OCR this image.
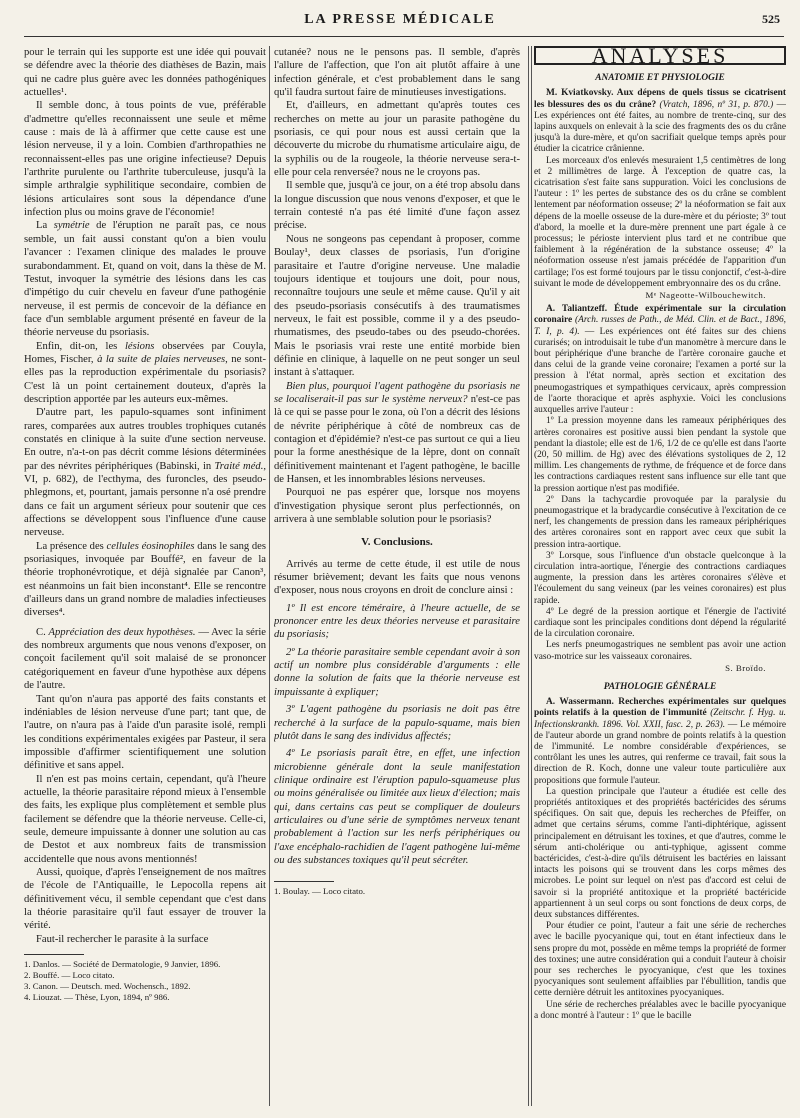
LA PRESSE MÉDICALE	525

pour le terrain qui les supporte est une idée qui pouvait se défendre avec la théorie des diathèses de Bazin, mais qui ne cadre plus guère avec les données pathogéniques actuelles¹.

Il semble donc, à tous points de vue, préférable d'admettre qu'elles reconnaissent une seule et même cause : mais de là à affirmer que cette cause est une lésion nerveuse, il y a loin. Combien d'arthropathies ne reconnaissent-elles pas une origine infectieuse? Depuis l'arthrite purulente ou l'arthrite tuberculeuse, jusqu'à la simple arthralgie syphilitique secondaire, combien de lésions articulaires sont sous la dépendance d'une infection plus ou moins grave de l'économie!

La symétrie de l'éruption ne paraît pas, ce nous semble, un fait aussi constant qu'on a bien voulu l'avancer : l'examen clinique des malades le prouve surabondamment. Et, quand on voit, dans la thèse de M. Testut, invoquer la symétrie des lésions dans les cas d'impétigo du cuir chevelu en faveur d'une pathogénie nerveuse, il est permis de concevoir de la défiance en face d'un semblable argument présenté en faveur de la théorie nerveuse du psoriasis.

Enfin, dit-on, les lésions observées par Couyla, Homes, Fischer, à la suite de plaies nerveuses, ne sont-elles pas la reproduction expérimentale du psoriasis? C'est là un point certainement douteux, d'après la description apportée par les auteurs eux-mêmes.

D'autre part, les papulo-squames sont infiniment rares, comparées aux autres troubles trophiques cutanés constatés en clinique à la suite d'une section nerveuse. En outre, n'a-t-on pas décrit comme lésions déterminées par des névrites périphériques (Babinski, in Traité méd., VI, p. 682), de l'ecthyma, des furoncles, des pseudo-phlegmons, et, pourtant, jamais personne n'a osé prendre dans ce fait un argument sérieux pour soutenir que ces affections se développent sous l'influence d'une cause nerveuse.

La présence des cellules éosinophiles dans le sang des psoriasiques, invoquée par Bouffé², en faveur de la théorie trophonévrotique, et déjà signalée par Canon³, est néanmoins un fait bien inconstant⁴. Elle se rencontre d'ailleurs dans un grand nombre de maladies infectieuses diverses⁴.

C. Appréciation des deux hypothèses. — Avec la série des nombreux arguments que nous venons d'exposer, on conçoit facilement qu'il soit malaisé de se prononcer catégoriquement en faveur d'une hypothèse aux dépens de l'autre.

Tant qu'on n'aura pas apporté des faits constants et indéniables de lésion nerveuse d'une part; tant que, de l'autre, on n'aura pas à l'aide d'un parasite isolé, rempli les conditions expérimentales exigées par Pasteur, il sera impossible d'affirmer scientifiquement une solution définitive et sans appel.

Il n'en est pas moins certain, cependant, qu'à l'heure actuelle, la théorie parasitaire répond mieux à l'ensemble des faits, les explique plus complètement et semble plus facilement se défendre que la théorie nerveuse. Celle-ci, seule, demeure impuissante à donner une solution au cas de Destot et aux nombreux faits de transmission accidentelle que nous avons mentionnés!

Aussi, quoique, d'après l'enseignement de nos maîtres de l'école de l'Antiquaille, le Lepocolla repens ait définitivement vécu, il semble cependant que c'est dans la théorie parasitaire qu'il faut essayer de trouver la vérité.

Faut-il rechercher le parasite à la surface

1. Danlos. — Société de Dermatologie, 9 Janvier, 1896.

2. Bouffé. — Loco citato.

3. Canon. — Deutsch. med. Wochensch., 1892.

4. Liouzat. — Thèse, Lyon, 1894, nº 986.

cutanée? nous ne le pensons pas. Il semble, d'après l'allure de l'affection, que l'on ait plutôt affaire à une infection générale, et c'est probablement dans le sang qu'il faudra surtout faire de minutieuses investigations.

Et, d'ailleurs, en admettant qu'après toutes ces recherches on mette au jour un parasite pathogène du psoriasis, ce qui pour nous est aussi certain que la découverte du microbe du rhumatisme articulaire aigu, de la syphilis ou de la rougeole, la théorie nerveuse sera-t-elle pour cela renversée? nous ne le croyons pas.

Il semble que, jusqu'à ce jour, on a été trop absolu dans la longue discussion que nous venons d'exposer, et que le terrain contesté n'a pas été limité d'une façon assez précise.

Nous ne songeons pas cependant à proposer, comme Boulay¹, deux classes de psoriasis, l'un d'origine parasitaire et l'autre d'origine nerveuse. Une maladie toujours identique et toujours une doit, pour nous, reconnaître toujours une seule et même cause. Qu'il y ait des pseudo-psoriasis consécutifs à des traumatismes nerveux, le fait est possible, comme il y a des pseudo-rhumatismes, des pseudo-tabes ou des pseudo-chorées. Mais le psoriasis vrai reste une entité morbide bien définie en clinique, à laquelle on ne peut songer un seul instant à s'attaquer.

Bien plus, pourquoi l'agent pathogène du psoriasis ne se localiserait-il pas sur le système nerveux? n'est-ce pas là ce qui se passe pour le zona, où l'on a décrit des lésions de névrite périphérique à côté de nombreux cas de contagion et d'épidémie? n'est-ce pas surtout ce qui a lieu pour la forme anesthésique de la lèpre, dont on connaît définitivement maintenant et l'agent pathogène, le bacille de Hansen, et les innombrables lésions nerveuses.

Pourquoi ne pas espérer que, lorsque nos moyens d'investigation physique seront plus perfectionnés, on arrivera à une semblable solution pour le psoriasis?

V. Conclusions.

Arrivés au terme de cette étude, il est utile de nous résumer brièvement; devant les faits que nous venons d'exposer, nous nous croyons en droit de conclure ainsi :

1º Il est encore téméraire, à l'heure actuelle, de se prononcer entre les deux théories nerveuse et parasitaire du psoriasis;

2º La théorie parasitaire semble cependant avoir à son actif un nombre plus considérable d'arguments : elle donne la solution de faits que la théorie nerveuse est impuissante à expliquer;

3º L'agent pathogène du psoriasis ne doit pas être recherché à la surface de la papulo-squame, mais bien plutôt dans le sang des individus affectés;

4º Le psoriasis paraît être, en effet, une infection microbienne générale dont la seule manifestation clinique ordinaire est l'éruption papulo-squameuse plus ou moins généralisée ou limitée aux lieux d'élection; mais qui, dans certains cas peut se compliquer de douleurs articulaires ou d'une série de symptômes nerveux tenant probablement à l'action sur les nerfs périphériques ou l'axe encéphalo-rachidien de l'agent pathogène lui-même ou des substances toxiques qu'il peut sécréter.

1. Boulay. — Loco citato.

ANALYSES
ANATOMIE ET PHYSIOLOGIE

M. Kviatkovsky. Aux dépens de quels tissus se cicatrisent les blessures des os du crâne? (Vratch, 1896, nº 31, p. 870.) — Les expériences ont été faites, au nombre de trente-cinq, sur des lapins auxquels on enlevait à la scie des fragments des os du crâne jusqu'à la dure-mère, et qu'on sacrifiait quelque temps après pour étudier la cicatrice crânienne.

Les morceaux d'os enlevés mesuraient 1,5 centimètres de long et 2 millimètres de large. À l'exception de quatre cas, la cicatrisation s'est faite sans suppuration. Voici les conclusions de l'auteur : 1º les pertes de substance des os du crâne se comblent lentement par néoformation osseuse; 2º la néoformation se fait aux dépens de la moelle osseuse de la dure-mère et du périoste; 3º tout d'abord, la moelle et la dure-mère prennent une part égale à ce processus; le périoste intervient plus tard et ne contribue que faiblement à la régénération de la substance osseuse; 4º la néoformation osseuse n'est jamais précédée de l'apparition d'un cartilage; l'os est formé toujours par le tissu conjonctif, c'est-à-dire suivant le mode de développement embryonnaire des os du crâne.

Mᵉ Nageotte-Wilbouchewitch.

A. Taliantzeff. Étude expérimentale sur la circulation coronaire (Arch. russes de Path., de Méd. Clin. et de Bact., 1896, T. I, p. 4). — Les expériences ont été faites sur des chiens curarisés; on introduisait le tube d'un manomètre à mercure dans le bout périphérique d'une branche de l'artère coronaire gauche et dans celui de la grande veine coronaire; l'examen a porté sur la pression à l'état normal, après section et excitation des pneumogastriques et sympathiques cervicaux, après compression de l'aorte thoracique et après asphyxie. Voici les conclusions auxquelles arrive l'auteur :

1º La pression moyenne dans les rameaux périphériques des artères coronaires est positive aussi bien pendant la systole que pendant la diastole; elle est de 1/6, 1/2 de ce qu'elle est dans l'aorte (20, 50 millim. de Hg) avec des élévations systoliques de 2, 12 millim. Les changements de rythme, de fréquence et de force dans les contractions cardiaques restent sans influence sur elle tant que la pression aortique n'est pas modifiée.

2º Dans la tachycardie provoquée par la paralysie du pneumogastrique et la bradycardie consécutive à l'excitation de ce nerf, les changements de pression dans les rameaux périphériques des artères coronaires sont en rapport avec ceux que subit la pression intra-aortique.

3º Lorsque, sous l'influence d'un obstacle quelconque à la circulation intra-aortique, l'énergie des contractions cardiaques augmente, la pression dans les artères coronaires s'élève et l'écoulement du sang veineux (par les veines coronaires) est plus rapide.

4º Le degré de la pression aortique et l'énergie de l'activité cardiaque sont les principales conditions dont dépend la régularité de la circulation coronaire.

Les nerfs pneumogastriques ne semblent pas avoir une action vaso-motrice sur les vaisseaux coronaires.

S. Broïdo.
PATHOLOGIE GÉNÉRALE

A. Wassermann. Recherches expérimentales sur quelques points relatifs à la question de l'immunité (Zeitschr. f. Hyg. u. Infectionskrankh. 1896. Vol. XXII, fasc. 2, p. 263). — Le mémoire de l'auteur aborde un grand nombre de points relatifs à la question de l'immunité. Le nombre considérable d'expériences, se contrôlant les unes les autres, qui renferme ce travail, fait sous la direction de R. Koch, donne une valeur toute particulière aux propositions que formule l'auteur.

La question principale que l'auteur a étudiée est celle des propriétés antitoxiques et des propriétés bactéricides des sérums spécifiques. On sait que, depuis les recherches de Pfeiffer, on admet que certains sérums, comme l'anti-diphtérique, agissent principalement en détruisant les toxines, et que d'autres, comme le sérum anti-cholérique ou anti-typhique, agissent comme bactéricides, c'est-à-dire qu'ils détruisent les bactéries en laissant intacts les poisons qui se trouvent dans les corps mêmes des microbes. Le point sur lequel on n'est pas d'accord est celui de savoir si la propriété antitoxique et la propriété bactéricide appartiennent à un seul corps ou sont fonctions de deux corps, de deux substances différentes.

Pour étudier ce point, l'auteur a fait une série de recherches avec le bacille pyocyanique qui, tout en étant infectieux dans le sens propre du mot, possède en même temps la propriété de former des toxines; une autre considération qui a conduit l'auteur à choisir pour ses recherches le pyocyanique, c'est que les toxines pyocyaniques sont seulement affaiblies par l'ébullition, tandis que cette dernière détruit les antitoxines pyocyaniques.

Une série de recherches préalables avec le bacille pyocyanique a donc montré à l'auteur : 1º que le bacille
